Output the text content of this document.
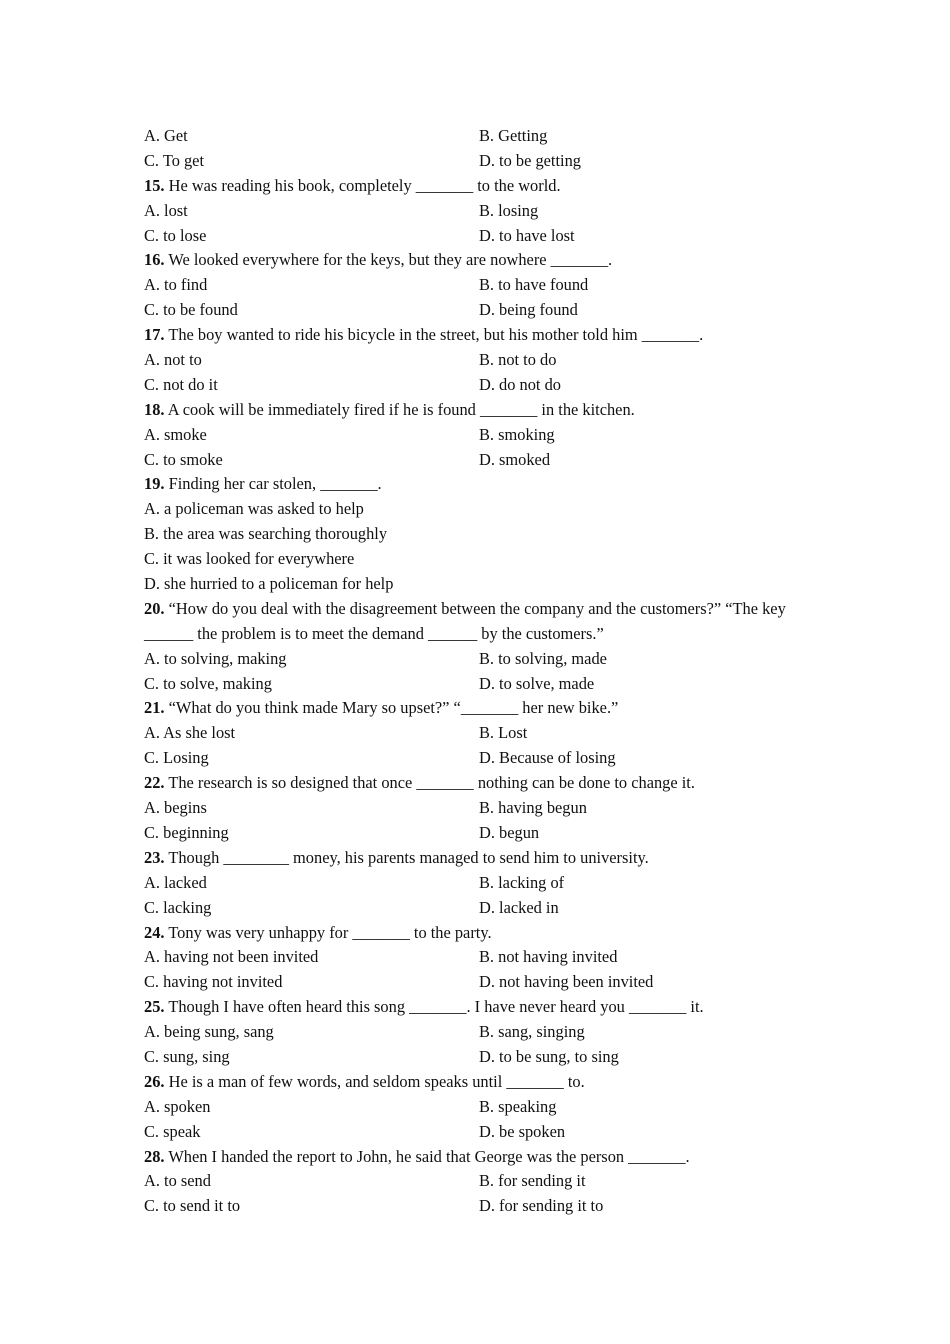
A. Get	B. Getting
C. To get	D. to be getting
15. He was reading his book, completely _______ to the world.
A. lost	B. losing
C. to lose	D. to have lost
16. We looked everywhere for the keys, but they are nowhere _______.
A. to find	B. to have found
C. to be found	D. being found
17. The boy wanted to ride his bicycle in the street, but his mother told him _______.
A. not to	B. not to do
C. not do it	D. do not do
18. A cook will be immediately fired if he is found _______ in the kitchen.
A. smoke	B. smoking
C. to smoke	D. smoked
19. Finding her car stolen, _______.
A. a policeman was asked to help
B. the area was searching thoroughly
C. it was looked for everywhere
D. she hurried to a policeman for help
20. “How do you deal with the disagreement between the company and the customers?” “The key
______ the problem is to meet the demand ______ by the customers.”
A. to solving, making	B. to solving, made
C. to solve, making	D. to solve, made
21. “What do you think made Mary so upset?” “_______ her new bike.”
A. As she lost	B. Lost
C. Losing	D. Because of losing
22. The research is so designed that once _______ nothing can be done to change it.
A. begins	B. having begun
C. beginning	D. begun
23. Though ________ money, his parents managed to send him to university.
A. lacked	B. lacking of
C. lacking	D. lacked in
24. Tony was very unhappy for _______ to the party.
A. having not been invited	B. not having invited
C. having not invited	D. not having been invited
25. Though I have often heard this song _______. I have never heard you _______ it.
A. being sung, sang	B. sang, singing
C. sung, sing	D. to be sung, to sing
26. He is a man of few words, and seldom speaks until _______ to.
A. spoken	B. speaking
C. speak	D. be spoken
28. When I handed the report to John, he said that George was the person _______.
A. to send	B. for sending it
C. to send it to	D. for sending it to
